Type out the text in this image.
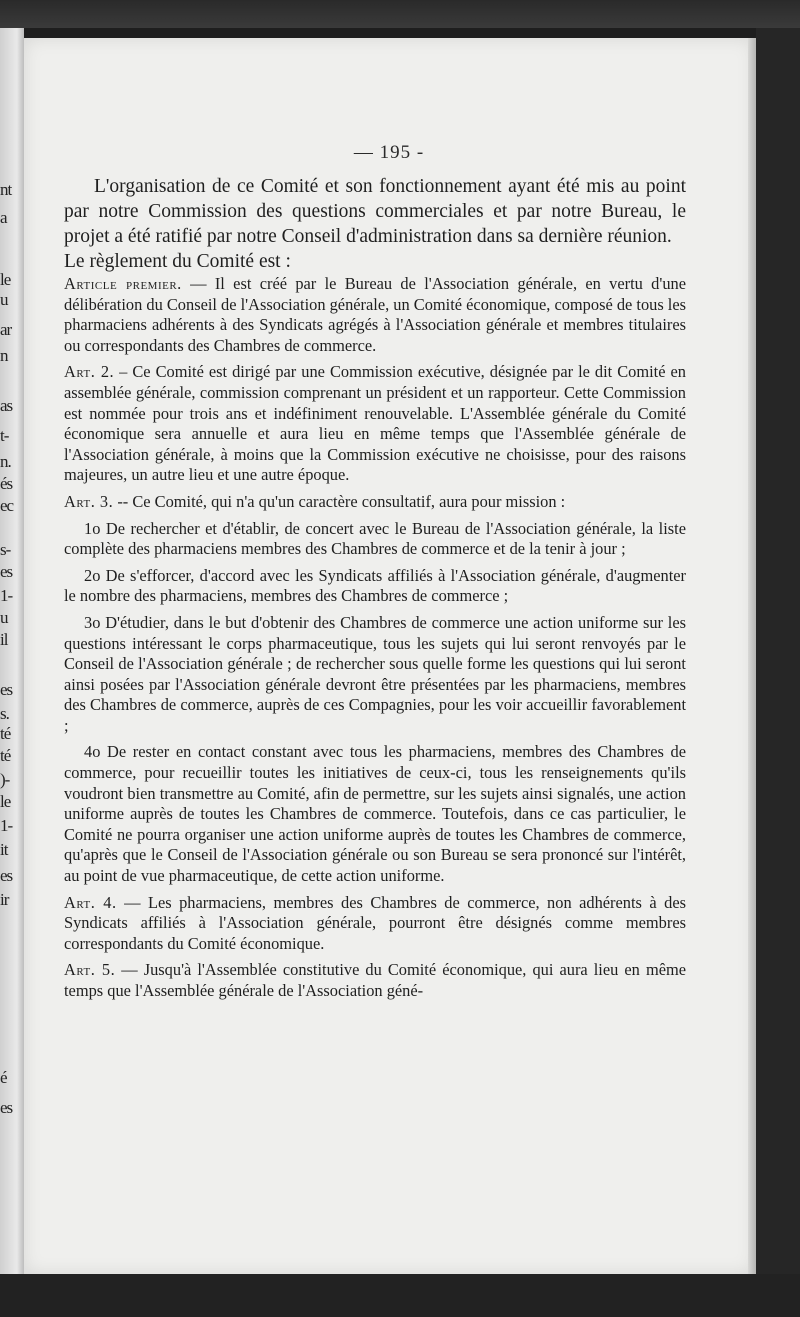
nt
a
le
u
ar
n
as
t-
n.
és
ec
s-
es
1-
u
il
es
s.
té
té
)-
le
1-
it
es
ir
é
es
— 195 -

L'organisation de ce Comité et son fonctionnement ayant été mis au point par notre Commission des questions commerciales et par notre Bureau, le projet a été ratifié par notre Conseil d'administration dans sa dernière réunion.

Le règlement du Comité est :

Article premier. — Il est créé par le Bureau de l'Association générale, en vertu d'une délibération du Conseil de l'Association générale, un Comité économique, composé de tous les pharmaciens adhérents à des Syndicats agrégés à l'Association générale et membres titulaires ou correspondants des Chambres de commerce.

Art. 2. – Ce Comité est dirigé par une Commission exécutive, désignée par le dit Comité en assemblée générale, commission comprenant un président et un rapporteur. Cette Commission est nommée pour trois ans et indéfiniment renouvelable. L'Assemblée générale du Comité économique sera annuelle et aura lieu en même temps que l'Assemblée générale de l'Association générale, à moins que la Commission exécutive ne choisisse, pour des raisons majeures, un autre lieu et une autre époque.

Art. 3. -- Ce Comité, qui n'a qu'un caractère consultatif, aura pour mission :

1o De rechercher et d'établir, de concert avec le Bureau de l'Association générale, la liste complète des pharmaciens membres des Chambres de commerce et de la tenir à jour ;

2o De s'efforcer, d'accord avec les Syndicats affiliés à l'Association générale, d'augmenter le nombre des pharmaciens, membres des Chambres de commerce ;

3o D'étudier, dans le but d'obtenir des Chambres de commerce une action uniforme sur les questions intéressant le corps pharmaceutique, tous les sujets qui lui seront renvoyés par le Conseil de l'Association générale ; de rechercher sous quelle forme les questions qui lui seront ainsi posées par l'Association générale devront être présentées par les pharmaciens, membres des Chambres de commerce, auprès de ces Compagnies, pour les voir accueillir favorablement ;

4o De rester en contact constant avec tous les pharmaciens, membres des Chambres de commerce, pour recueillir toutes les initiatives de ceux-ci, tous les renseignements qu'ils voudront bien transmettre au Comité, afin de permettre, sur les sujets ainsi signalés, une action uniforme auprès de toutes les Chambres de commerce. Toutefois, dans ce cas particulier, le Comité ne pourra organiser une action uniforme auprès de toutes les Chambres de commerce, qu'après que le Conseil de l'Association générale ou son Bureau se sera prononcé sur l'intérêt, au point de vue pharmaceutique, de cette action uniforme.

Art. 4. — Les pharmaciens, membres des Chambres de commerce, non adhérents à des Syndicats affiliés à l'Association générale, pourront être désignés comme membres correspondants du Comité économique.

Art. 5. — Jusqu'à l'Assemblée constitutive du Comité économique, qui aura lieu en même temps que l'Assemblée générale de l'Association géné-
